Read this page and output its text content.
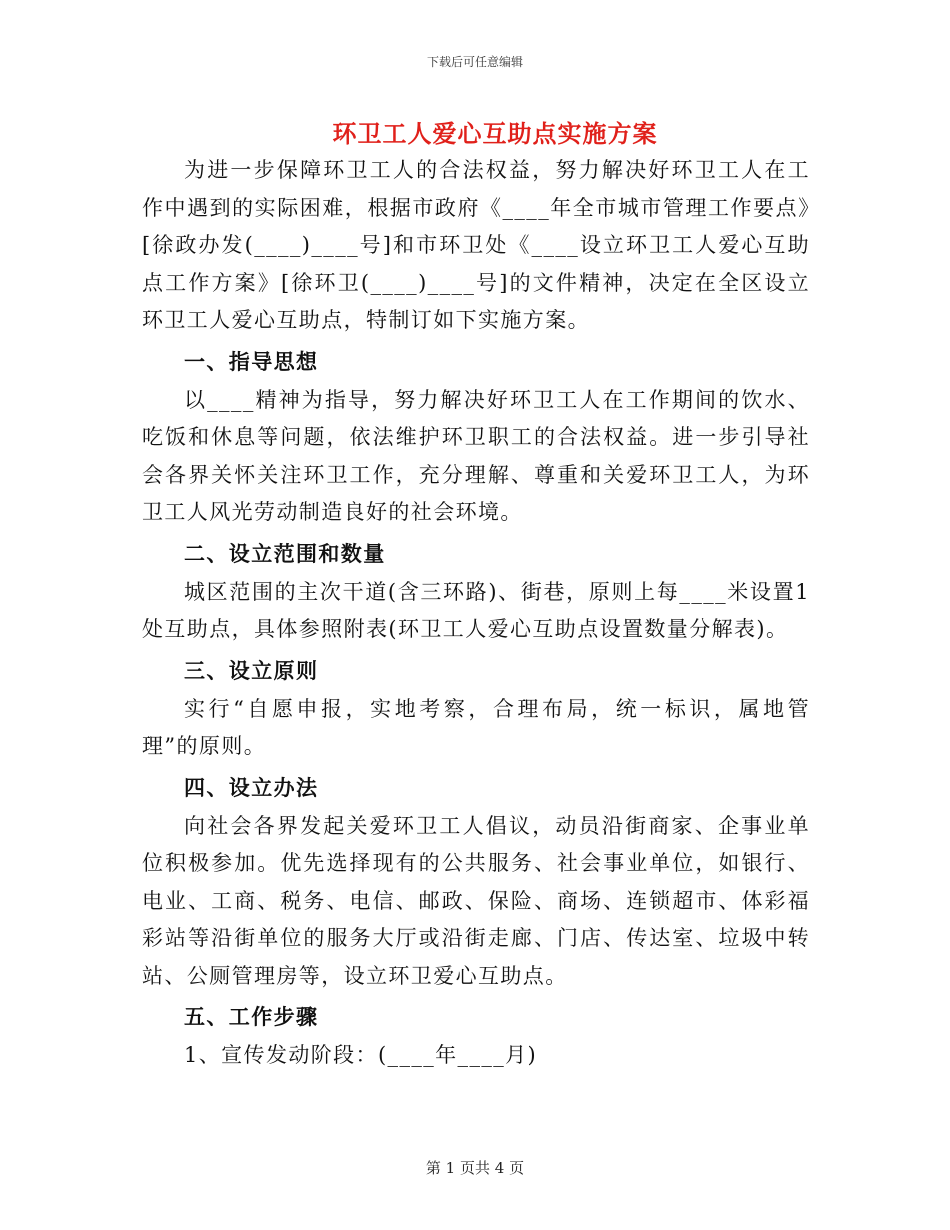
下载后可任意编辑
环卫工人爱心互助点实施方案

为进一步保障环卫工人的合法权益，努力解决好环卫工人在工作中遇到的实际困难，根据市政府《____年全市城市管理工作要点》[徐政办发(____)____号]和市环卫处《____设立环卫工人爱心互助点工作方案》[徐环卫(____)____号]的文件精神，决定在全区设立环卫工人爱心互助点，特制订如下实施方案。

一、指导思想

以____精神为指导，努力解决好环卫工人在工作期间的饮水、吃饭和休息等问题，依法维护环卫职工的合法权益。进一步引导社会各界关怀关注环卫工作，充分理解、尊重和关爱环卫工人，为环卫工人风光劳动制造良好的社会环境。

二、设立范围和数量

城区范围的主次干道(含三环路)、街巷，原则上每____米设置1处互助点，具体参照附表(环卫工人爱心互助点设置数量分解表)。

三、设立原则

实行“自愿申报，实地考察，合理布局，统一标识，属地管理”的原则。

四、设立办法

向社会各界发起关爱环卫工人倡议，动员沿街商家、企事业单位积极参加。优先选择现有的公共服务、社会事业单位，如银行、电业、工商、税务、电信、邮政、保险、商场、连锁超市、体彩福彩站等沿街单位的服务大厅或沿街走廊、门店、传达室、垃圾中转站、公厕管理房等，设立环卫爱心互助点。

五、工作步骤

1、宣传发动阶段：(____年____月)

第 1 页共 4 页
